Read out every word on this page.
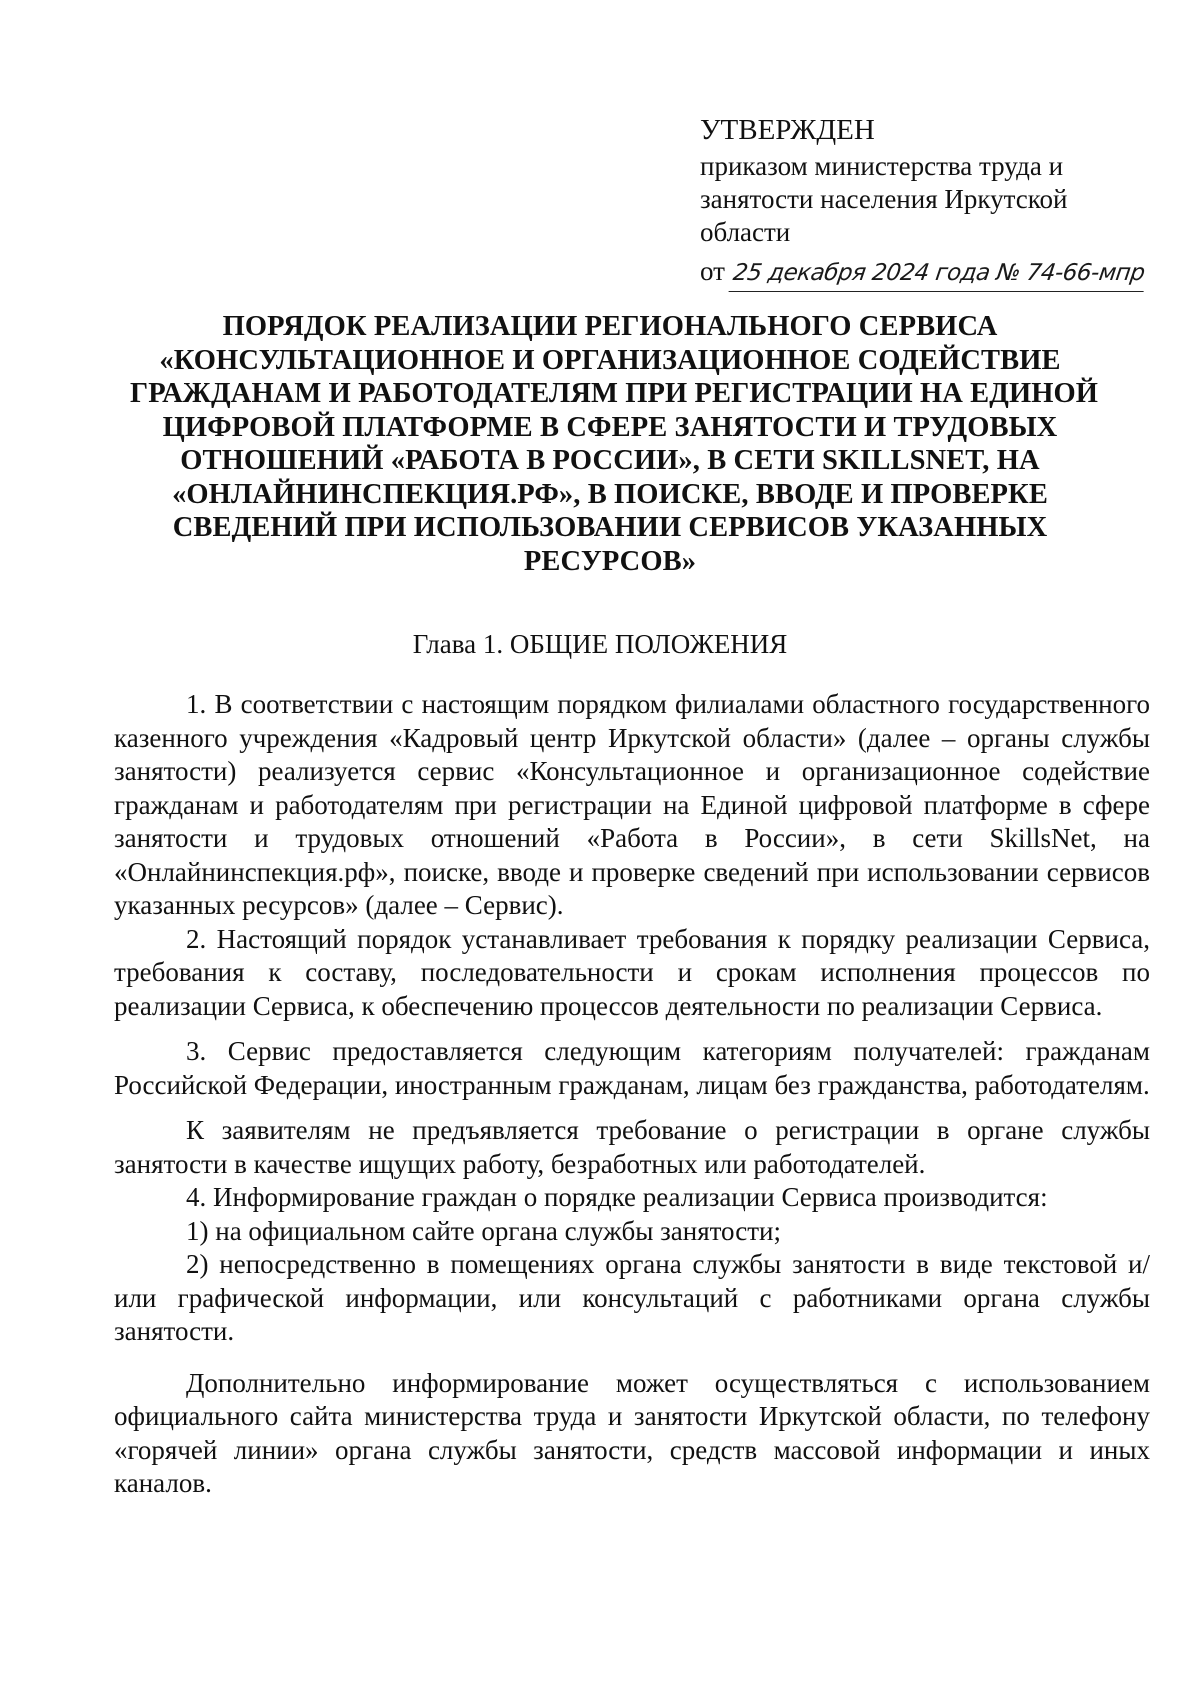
УТВЕРЖДЕН
приказом министерства труда и
занятости населения Иркутской
области
от 25 декабря 2024 года № 74-66-мпр
ПОРЯДОК РЕАЛИЗАЦИИ РЕГИОНАЛЬНОГО СЕРВИСА
«КОНСУЛЬТАЦИОННОЕ И ОРГАНИЗАЦИОННОЕ СОДЕЙСТВИЕ
ГРАЖДАНАМ И РАБОТОДАТЕЛЯМ ПРИ РЕГИСТРАЦИИ НА ЕДИНОЙ
ЦИФРОВОЙ ПЛАТФОРМЕ В СФЕРЕ ЗАНЯТОСТИ И ТРУДОВЫХ
ОТНОШЕНИЙ «РАБОТА В РОССИИ», В СЕТИ SKILLSNET, НА
«ОНЛАЙНИНСПЕКЦИЯ.РФ», В ПОИСКЕ, ВВОДЕ И ПРОВЕРКЕ
СВЕДЕНИЙ ПРИ ИСПОЛЬЗОВАНИИ СЕРВИСОВ УКАЗАННЫХ
РЕСУРСОВ»
Глава 1. ОБЩИЕ ПОЛОЖЕНИЯ

1. В соответствии с настоящим порядком филиалами областного государственного казенного учреждения «Кадровый центр Иркутской области» (далее – органы службы занятости) реализуется сервис «Консультационное и организационное содействие гражданам и работодателям при регистрации на Единой цифровой платформе в сфере занятости и трудовых отношений «Работа в России», в сети SkillsNet, на «Онлайнинспекция.рф», поиске, вводе и проверке сведений при использовании сервисов указанных ресурсов» (далее – Сервис).

2. Настоящий порядок устанавливает требования к порядку реализации Сервиса, требования к составу, последовательности и срокам исполнения процессов по реализации Сервиса, к обеспечению процессов деятельности по реализации Сервиса.

3. Сервис предоставляется следующим категориям получателей: гражданам Российской Федерации, иностранным гражданам, лицам без гражданства, работодателям.

К заявителям не предъявляется требование о регистрации в органе службы занятости в качестве ищущих работу, безработных или работодателей.

4. Информирование граждан о порядке реализации Сервиса производится:

1) на официальном сайте органа службы занятости;

2) непосредственно в помещениях органа службы занятости в виде текстовой и/или графической информации, или консультаций с работниками органа службы занятости.

Дополнительно информирование может осуществляться с использованием официального сайта министерства труда и занятости Иркутской области, по телефону «горячей линии» органа службы занятости, средств массовой информации и иных каналов.
